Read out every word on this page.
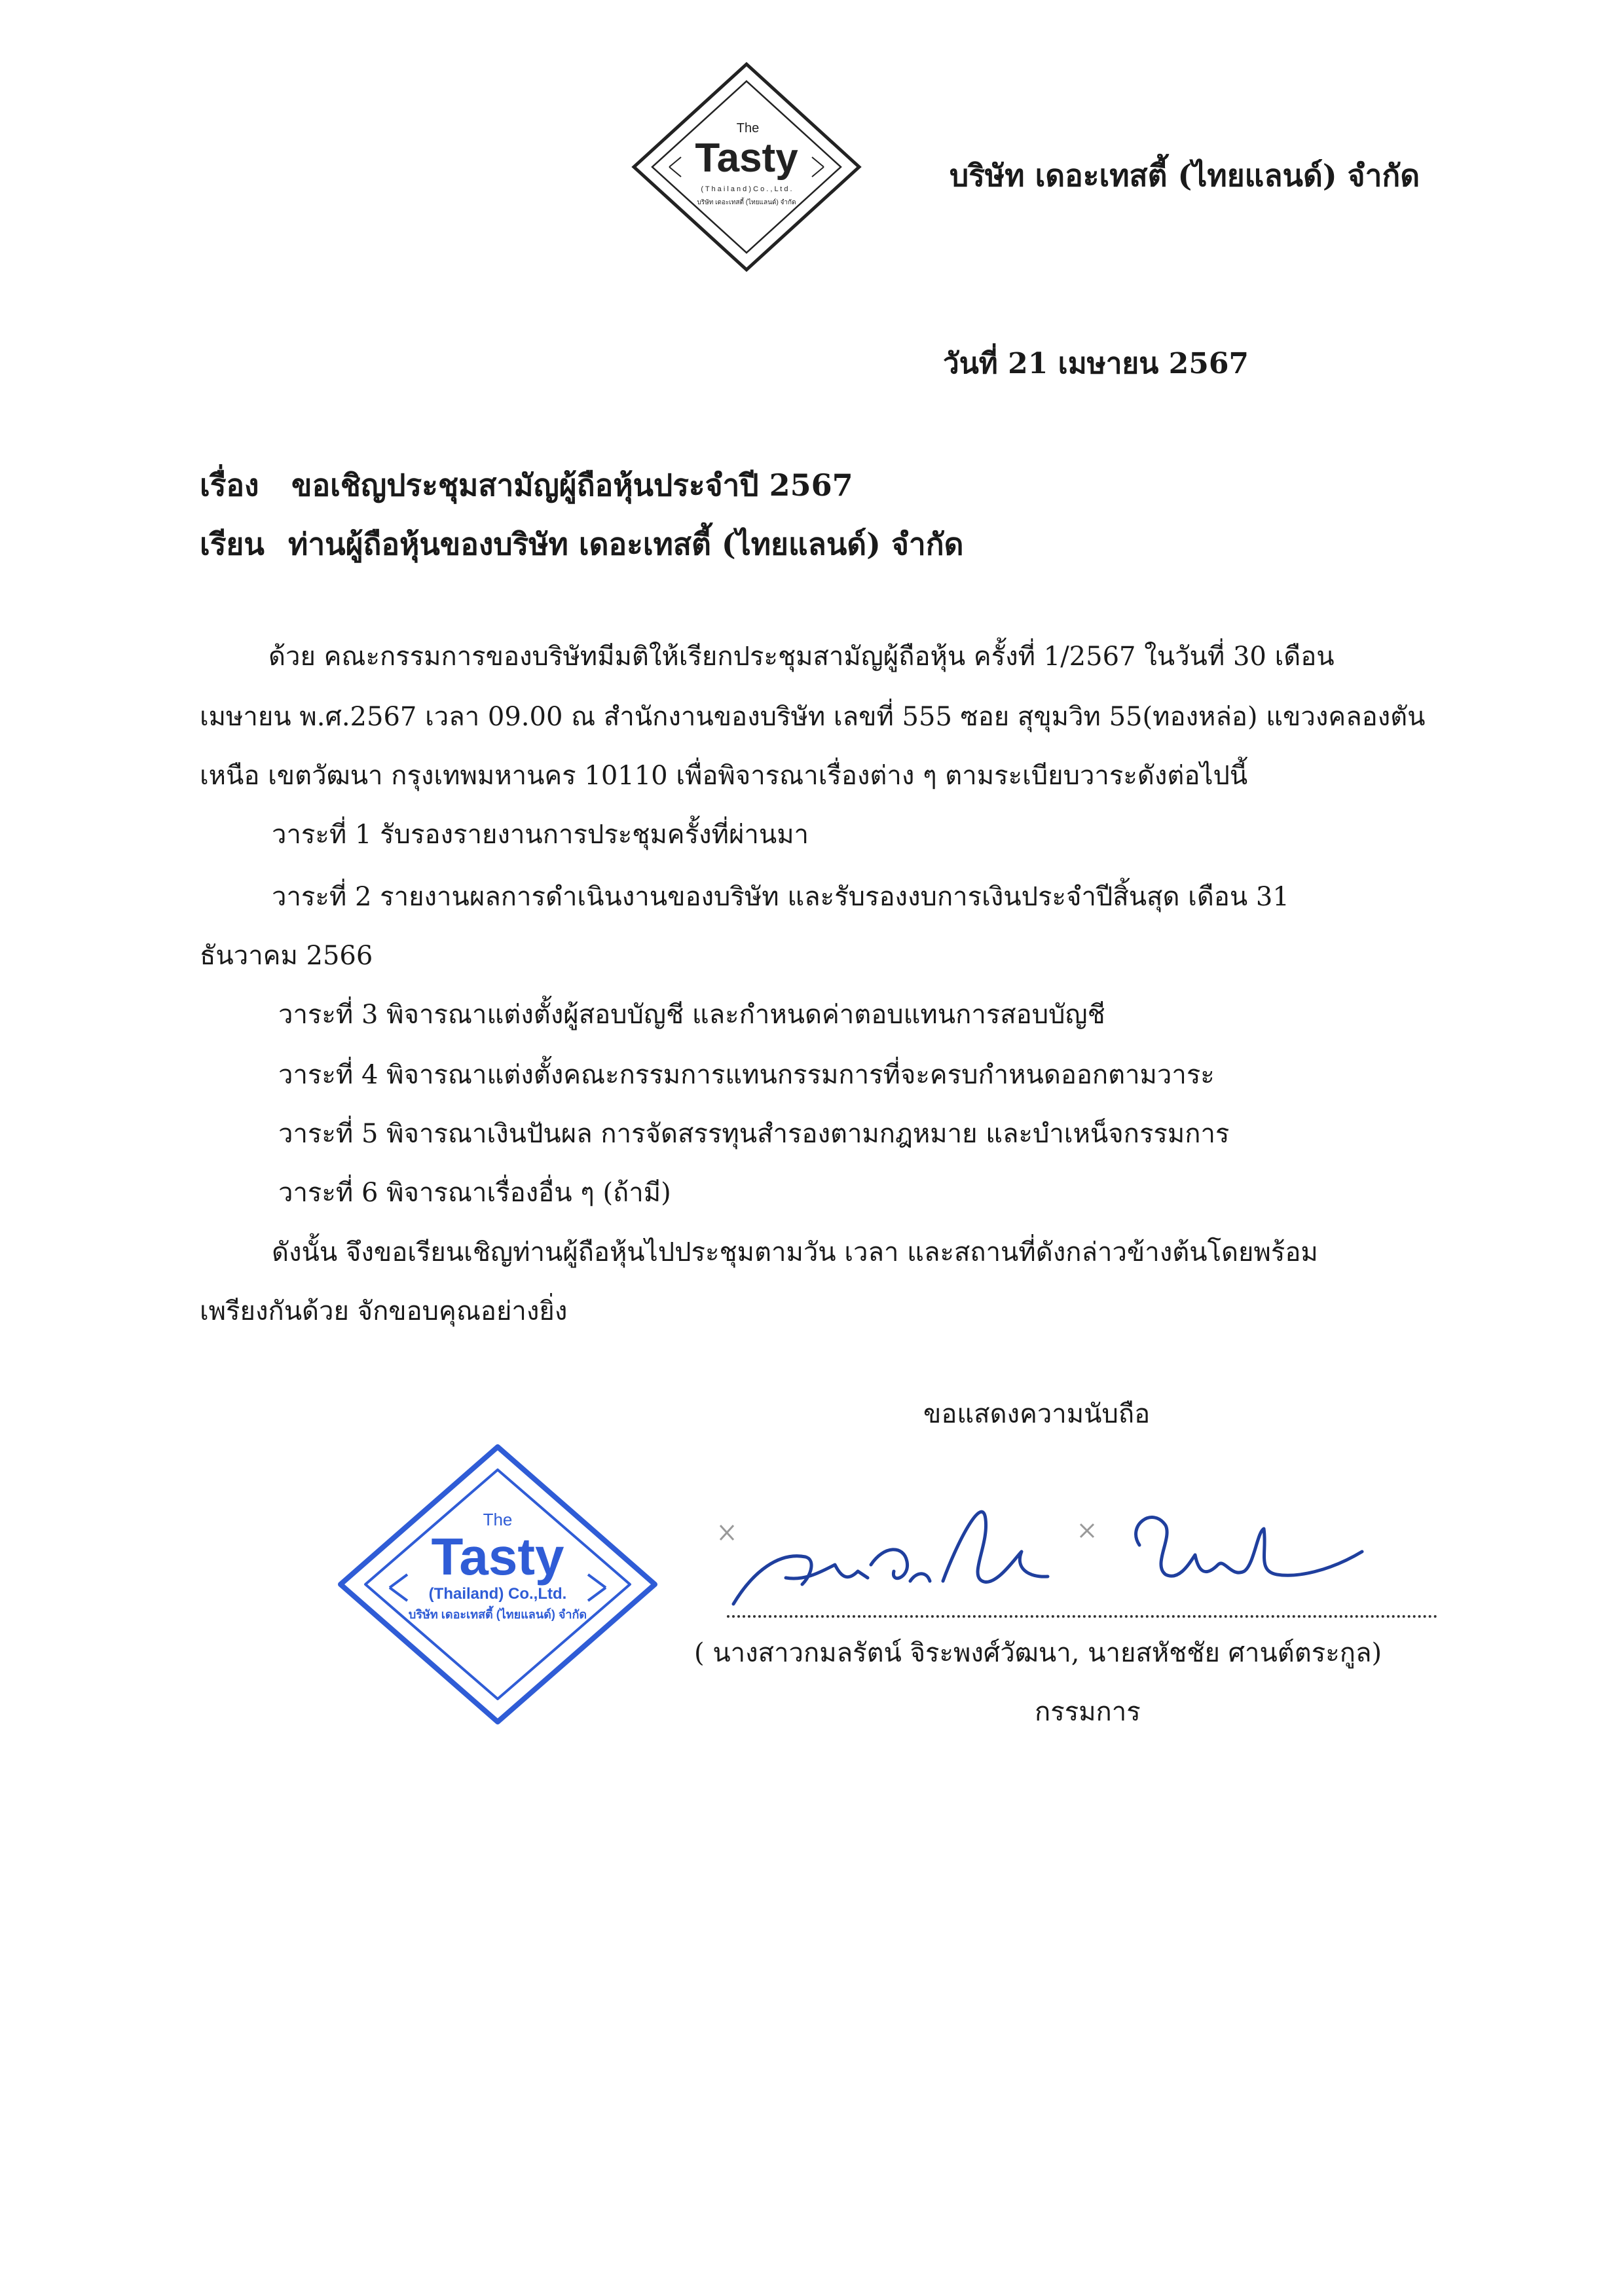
The
Tasty
( T h a i l a n d ) C o . , L t d .
บริษัท เดอะเทสตี้ (ไทยแลนด์) จำกัด
บริษัท เดอะเทสตี้ (ไทยแลนด์) จำกัด
วันที่ 21 เมษายน 2567
เรื่อง ขอเชิญประชุมสามัญผู้ถือหุ้นประจำปี 2567
เรียน ท่านผู้ถือหุ้นของบริษัท เดอะเทสตี้ (ไทยแลนด์) จำกัด
ด้วย คณะกรรมการของบริษัทมีมติให้เรียกประชุมสามัญผู้ถือหุ้น ครั้งที่ 1/2567 ในวันที่ 30 เดือน
เมษายน พ.ศ.2567 เวลา 09.00 ณ สำนักงานของบริษัท เลขที่ 555 ซอย สุขุมวิท 55(ทองหล่อ) แขวงคลองตัน
เหนือ เขตวัฒนา กรุงเทพมหานคร 10110 เพื่อพิจารณาเรื่องต่าง ๆ ตามระเบียบวาระดังต่อไปนี้
วาระที่ 1 รับรองรายงานการประชุมครั้งที่ผ่านมา
วาระที่ 2 รายงานผลการดำเนินงานของบริษัท และรับรองงบการเงินประจำปีสิ้นสุด เดือน 31
ธันวาคม 2566
วาระที่ 3 พิจารณาแต่งตั้งผู้สอบบัญชี และกำหนดค่าตอบแทนการสอบบัญชี
วาระที่ 4 พิจารณาแต่งตั้งคณะกรรมการแทนกรรมการที่จะครบกำหนดออกตามวาระ
วาระที่ 5 พิจารณาเงินปันผล การจัดสรรทุนสำรองตามกฎหมาย และบำเหน็จกรรมการ
วาระที่ 6 พิจารณาเรื่องอื่น ๆ (ถ้ามี)
ดังนั้น จึงขอเรียนเชิญท่านผู้ถือหุ้นไปประชุมตามวัน เวลา และสถานที่ดังกล่าวข้างต้นโดยพร้อม
เพรียงกันด้วย จักขอบคุณอย่างยิ่ง
ขอแสดงความนับถือ
The
Tasty
(Thailand) Co.,Ltd.
บริษัท เดอะเทสตี้ (ไทยแลนด์) จำกัด
( นางสาวกมลรัตน์ จิระพงศ์วัฒนา, นายสหัชชัย ศานต์ตระกูล)
กรรมการ
